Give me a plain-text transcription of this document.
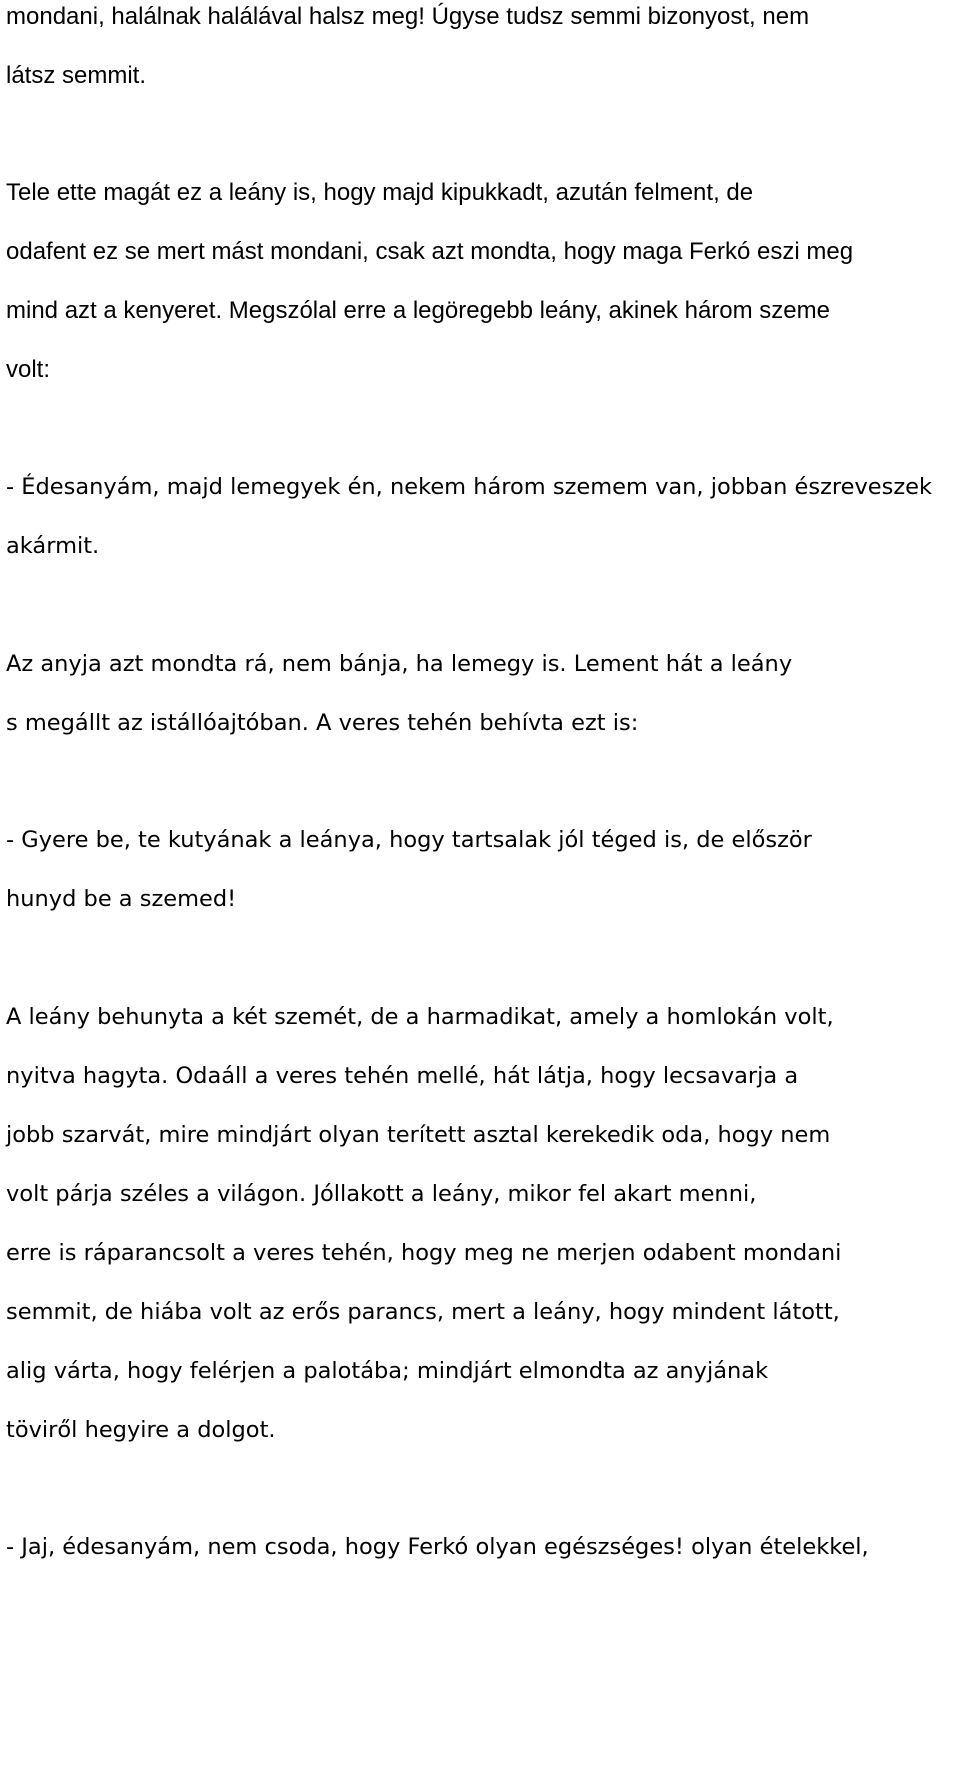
mondani, halálnak halálával halsz meg! Úgyse tudsz semmi bizonyost, nem
látsz semmit.
Tele ette magát ez a leány is, hogy majd kipukkadt, azután felment, de
odafent ez se mert mást mondani, csak azt mondta, hogy maga Ferkó eszi meg
mind azt a kenyeret. Megszólal erre a legöregebb leány, akinek három szeme
volt:
- Édesanyám, majd lemegyek én, nekem három szemem van, jobban észreveszek
akármit.
Az anyja azt mondta rá, nem bánja, ha lemegy is. Lement hát a leány
s megállt az istállóajtóban. A veres tehén behívta ezt is:
- Gyere be, te kutyának a leánya, hogy tartsalak jól téged is, de először
hunyd be a szemed!
A leány behunyta a két szemét, de a harmadikat, amely a homlokán volt,
nyitva hagyta. Odaáll a veres tehén mellé, hát látja, hogy lecsavarja a
jobb szarvát, mire mindjárt olyan terített asztal kerekedik oda, hogy nem
volt párja széles a világon. Jóllakott a leány, mikor fel akart menni,
erre is ráparancsolt a veres tehén, hogy meg ne merjen odabent mondani
semmit, de hiába volt az erős parancs, mert a leány, hogy mindent látott,
alig várta, hogy felérjen a palotába; mindjárt elmondta az anyjának
töviről hegyire a dolgot.
- Jaj, édesanyám, nem csoda, hogy Ferkó olyan egészséges! olyan ételekkel,
